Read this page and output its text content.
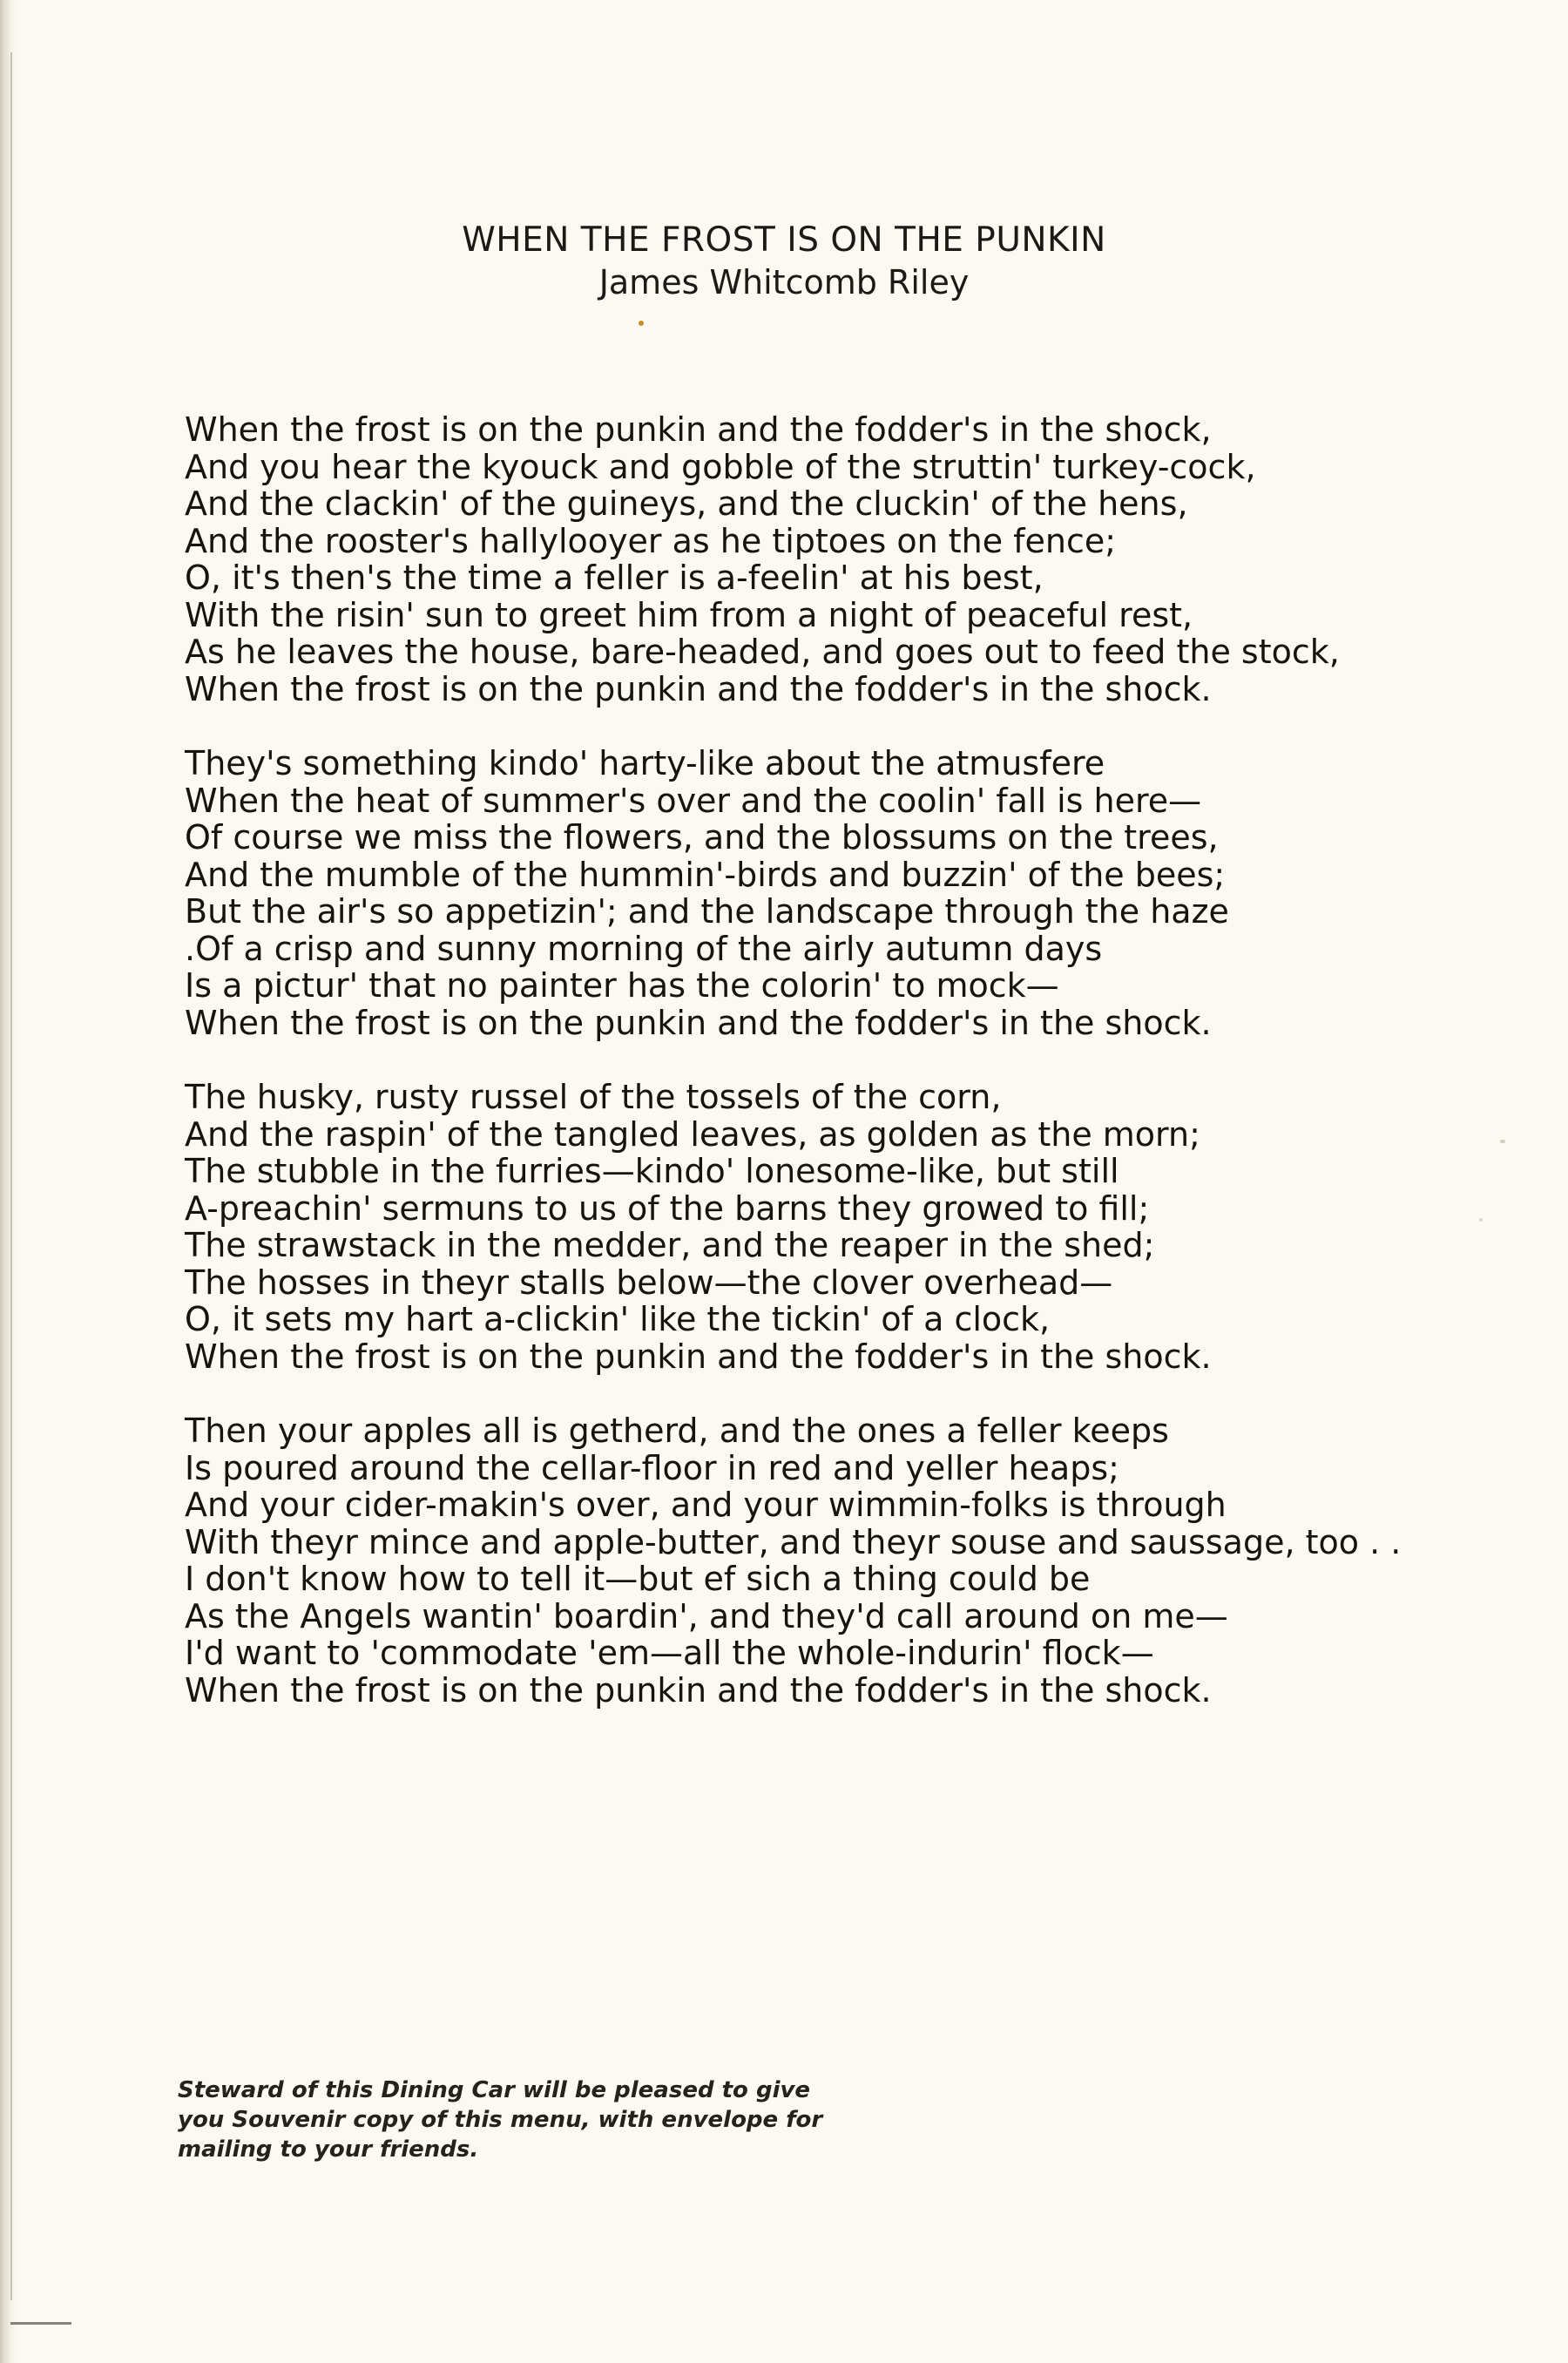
WHEN THE FROST IS ON THE PUNKIN
James Whitcomb Riley
When the frost is on the punkin and the fodder's in the shock,
And you hear the kyouck and gobble of the struttin' turkey-cock,
And the clackin' of the guineys, and the cluckin' of the hens,
And the rooster's hallylooyer as he tiptoes on the fence;
O, it's then's the time a feller is a-feelin' at his best,
With the risin' sun to greet him from a night of peaceful rest,
As he leaves the house, bare-headed, and goes out to feed the stock,
When the frost is on the punkin and the fodder's in the shock.
They's something kindo' harty-like about the atmusfere
When the heat of summer's over and the coolin' fall is here—
Of course we miss the flowers, and the blossums on the trees,
And the mumble of the hummin'-birds and buzzin' of the bees;
But the air's so appetizin'; and the landscape through the haze
.Of a crisp and sunny morning of the airly autumn days
Is a pictur' that no painter has the colorin' to mock—
When the frost is on the punkin and the fodder's in the shock.
The husky, rusty russel of the tossels of the corn,
And the raspin' of the tangled leaves, as golden as the morn;
The stubble in the furries—kindo' lonesome-like, but still
A-preachin' sermuns to us of the barns they growed to fill;
The strawstack in the medder, and the reaper in the shed;
The hosses in theyr stalls below—the clover overhead—
O, it sets my hart a-clickin' like the tickin' of a clock,
When the frost is on the punkin and the fodder's in the shock.
Then your apples all is getherd, and the ones a feller keeps
Is poured around the cellar-floor in red and yeller heaps;
And your cider-makin's over, and your wimmin-folks is through
With theyr mince and apple-butter, and theyr souse and saussage, too . .
I don't know how to tell it—but ef sich a thing could be
As the Angels wantin' boardin', and they'd call around on me—
I'd want to 'commodate 'em—all the whole-indurin' flock—
When the frost is on the punkin and the fodder's in the shock.
Steward of this Dining Car will be pleased to give
you Souvenir copy of this menu, with envelope for
mailing to your friends.
